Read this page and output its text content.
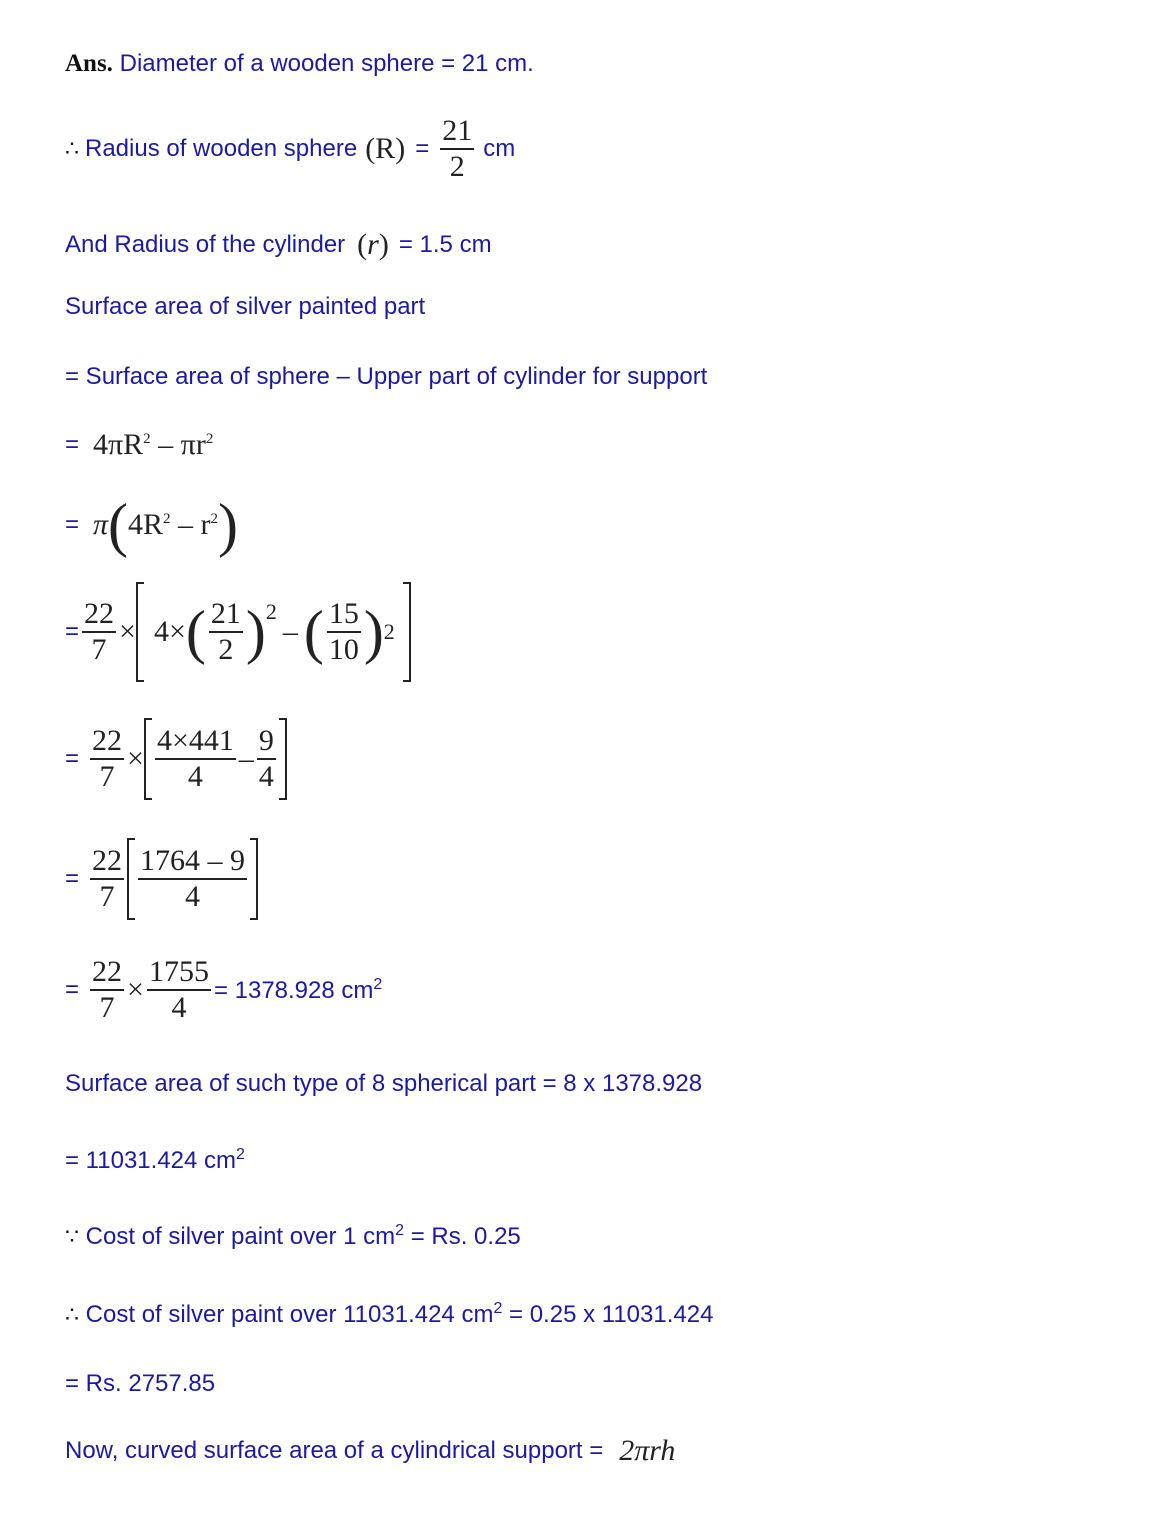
Ans. Diameter of a wooden sphere = 21 cm.
∴ Radius of wooden sphere $(R) = \frac{21}{2}$ cm
And Radius of the cylinder (r) = 1.5 cm
Surface area of silver painted part
= Surface area of sphere – Upper part of cylinder for support
= $4\pi R^2 - \pi r^2$
= π ( $4R^2 - r^2$ )
= $\frac{22}{7} \times 4\times$ ( $\frac{21}{2}$ ) 2
– ( $\frac{15}{10}$ ) 2
= $\frac{22}{7} \times \frac{4\times 441}{4} - \frac{9}{4}$
= $\frac{22}{7} \frac{1764 - 9}{4}$
= $\frac{22}{7} \times \frac{1755}{4} = 1378.928$ $cm^2$
Surface area of such type of 8 spherical part = 8 x 1378.928
= 11031.424 $cm^2$
∵ Cost of silver paint over 1 $cm^2 = Rs$. 0.25
∴ Cost of silver paint over 11031.424 $cm^2 = 0.25$ x 11031.424
= Rs. 2757.85
Now, curved surface area of a cylindrical support = 2πrh
